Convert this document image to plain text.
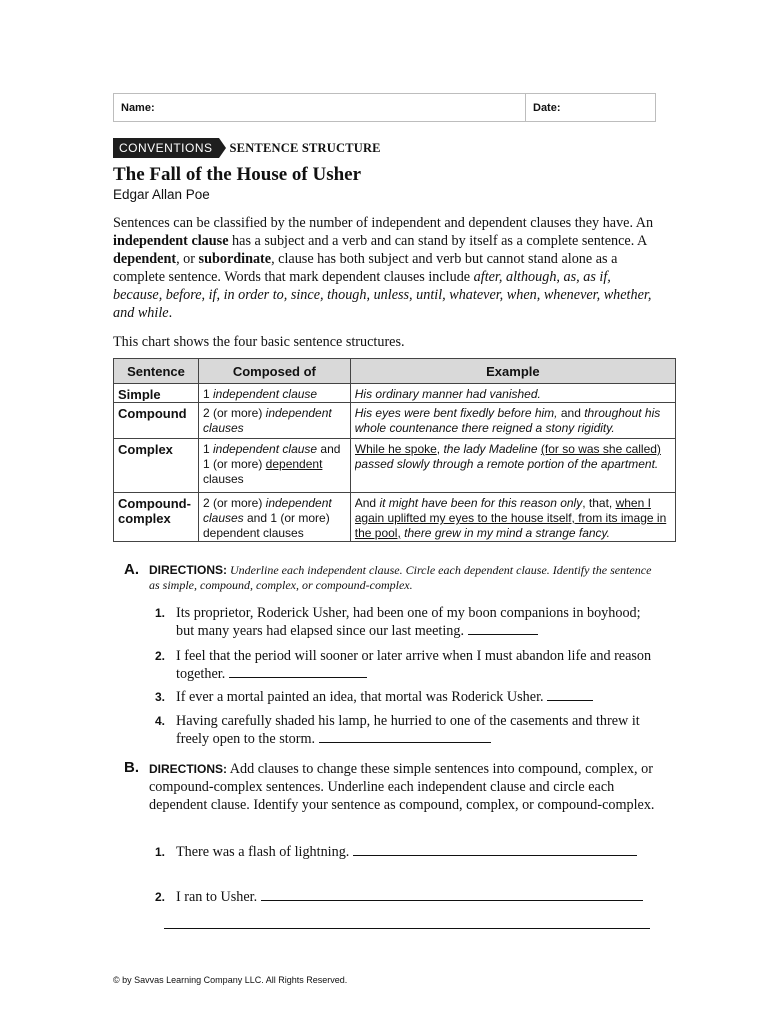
Name:	Date:
CONVENTIONS	SENTENCE STRUCTURE
The Fall of the House of Usher
Edgar Allan Poe
Sentences can be classified by the number of independent and dependent clauses they have. An independent clause has a subject and a verb and can stand by itself as a complete sentence. A dependent, or subordinate, clause has both subject and verb but cannot stand alone as a complete sentence. Words that mark dependent clauses include after, although, as, as if, because, before, if, in order to, since, though, unless, until, whatever, when, whenever, whether, and while.
This chart shows the four basic sentence structures.
Sentence	Composed of	Example

Simple	1 independent clause	His ordinary manner had vanished.

Compound	2 (or more) independent clauses	His eyes were bent fixedly before him, and throughout his whole countenance there reigned a stony rigidity.

Complex	1 independent clause and 1 (or more) dependent clauses	While he spoke, the lady Madeline (for so was she called) passed slowly through a remote portion of the apartment.

Compound-complex	2 (or more) independent clauses and 1 (or more) dependent clauses	And it might have been for this reason only, that, when I again uplifted my eyes to the house itself, from its image in the pool, there grew in my mind a strange fancy.
A. DIRECTIONS: Underline each independent clause. Circle each dependent clause. Identify the sentence as simple, compound, complex, or compound-complex.
1. Its proprietor, Roderick Usher, had been one of my boon companions in boyhood; but many years had elapsed since our last meeting.
2. I feel that the period will sooner or later arrive when I must abandon life and reason together.
3. If ever a mortal painted an idea, that mortal was Roderick Usher.
4. Having carefully shaded his lamp, he hurried to one of the casements and threw it freely open to the storm.
B. DIRECTIONS: Add clauses to change these simple sentences into compound, complex, or compound-complex sentences. Underline each independent clause and circle each dependent clause. Identify your sentence as compound, complex, or compound-complex.
1. There was a flash of lightning.
2. I ran to Usher.
© by Savvas Learning Company LLC. All Rights Reserved.
